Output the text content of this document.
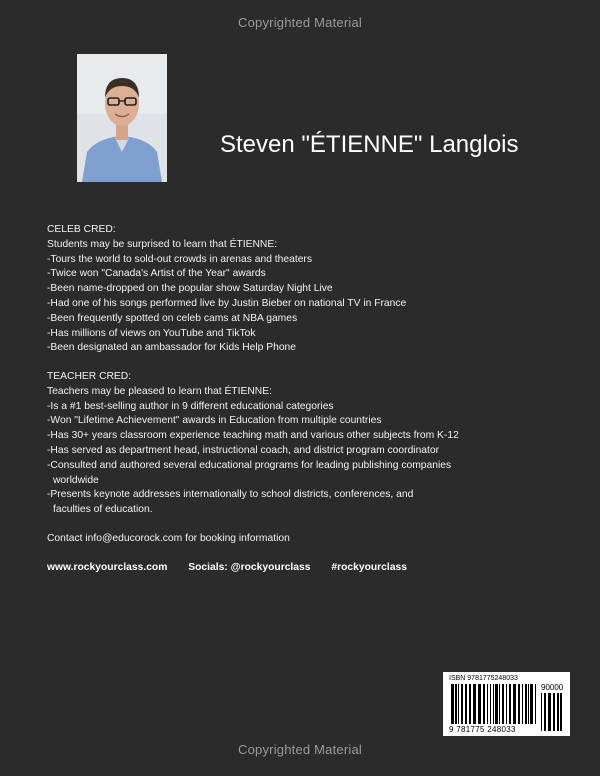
Copyrighted Material
Steven "ÉTIENNE" Langlois
CELEB CRED:
Students may be surprised to learn that ÉTIENNE:
-Tours the world to sold-out crowds in arenas and theaters
-Twice won "Canada's Artist of the Year" awards
-Been name-dropped on the popular show Saturday Night Live
-Had one of his songs performed live by Justin Bieber on national TV in France
-Been frequently spotted on celeb cams at NBA games
-Has millions of views on YouTube and TikTok
-Been designated an ambassador for Kids Help Phone
TEACHER CRED:
Teachers may be pleased to learn that ÉTIENNE:
-Is a #1 best-selling author in 9 different educational categories
-Won "Lifetime Achievement" awards in Education from multiple countries
-Has 30+ years classroom experience teaching math and various other subjects from K-12
-Has served as department head, instructional coach, and district program coordinator
-Consulted and authored several educational programs for leading publishing companies
worldwide
-Presents keynote addresses internationally to school districts, conferences, and
faculties of education.
Contact info@educorock.com for booking information
www.rockyourclass.com Socials: @rockyourclass #rockyourclass
ISBN 9781775248033
90000
9 781775 248033
Copyrighted Material
